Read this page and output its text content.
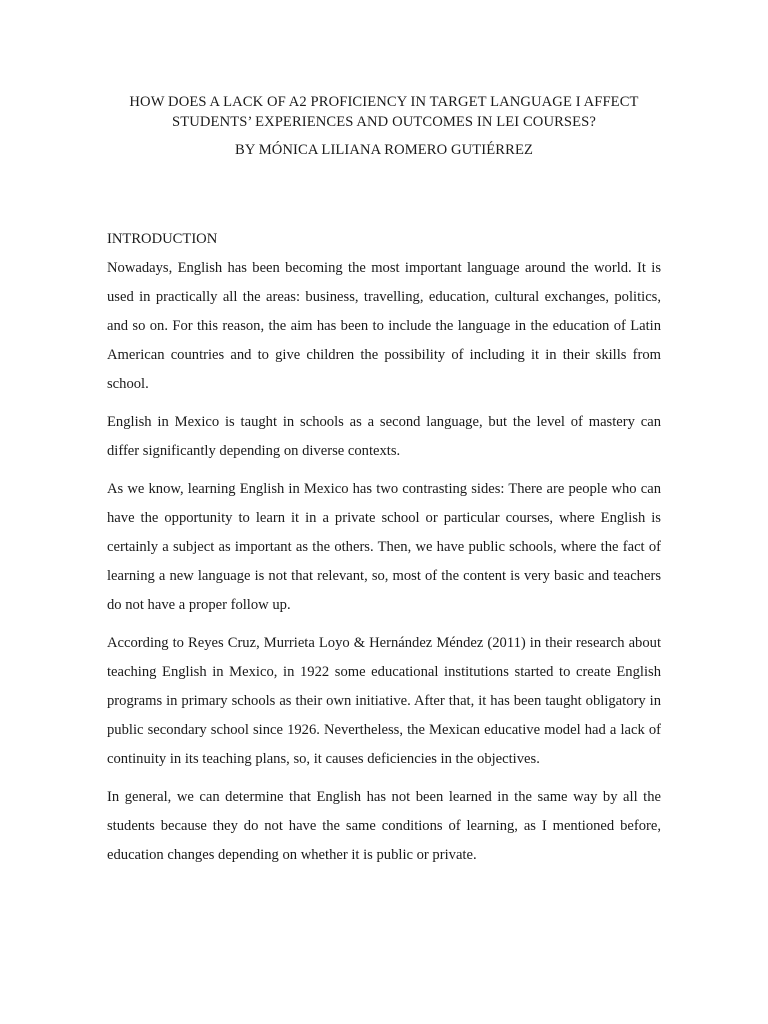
HOW DOES A LACK OF A2 PROFICIENCY IN TARGET LANGUAGE I AFFECT

STUDENTS’ EXPERIENCES AND OUTCOMES IN LEI COURSES?

BY MÓNICA LILIANA ROMERO GUTIÉRREZ

INTRODUCTION

Nowadays, English has been becoming the most important language around the world. It is used in practically all the areas: business, travelling, education, cultural exchanges, politics, and so on. For this reason, the aim has been to include the language in the education of Latin American countries and to give children the possibility of including it in their skills from school.

English in Mexico is taught in schools as a second language, but the level of mastery can differ significantly depending on diverse contexts.

As we know, learning English in Mexico has two contrasting sides: There are people who can have the opportunity to learn it in a private school or particular courses, where English is certainly a subject as important as the others. Then, we have public schools, where the fact of learning a new language is not that relevant, so, most of the content is very basic and teachers do not have a proper follow up.

According to Reyes Cruz, Murrieta Loyo & Hernández Méndez (2011) in their research about teaching English in Mexico, in 1922 some educational institutions started to create English programs in primary schools as their own initiative. After that, it has been taught obligatory in public secondary school since 1926. Nevertheless, the Mexican educative model had a lack of continuity in its teaching plans, so, it causes deficiencies in the objectives.

In general, we can determine that English has not been learned in the same way by all the students because they do not have the same conditions of learning, as I mentioned before, education changes depending on whether it is public or private.
